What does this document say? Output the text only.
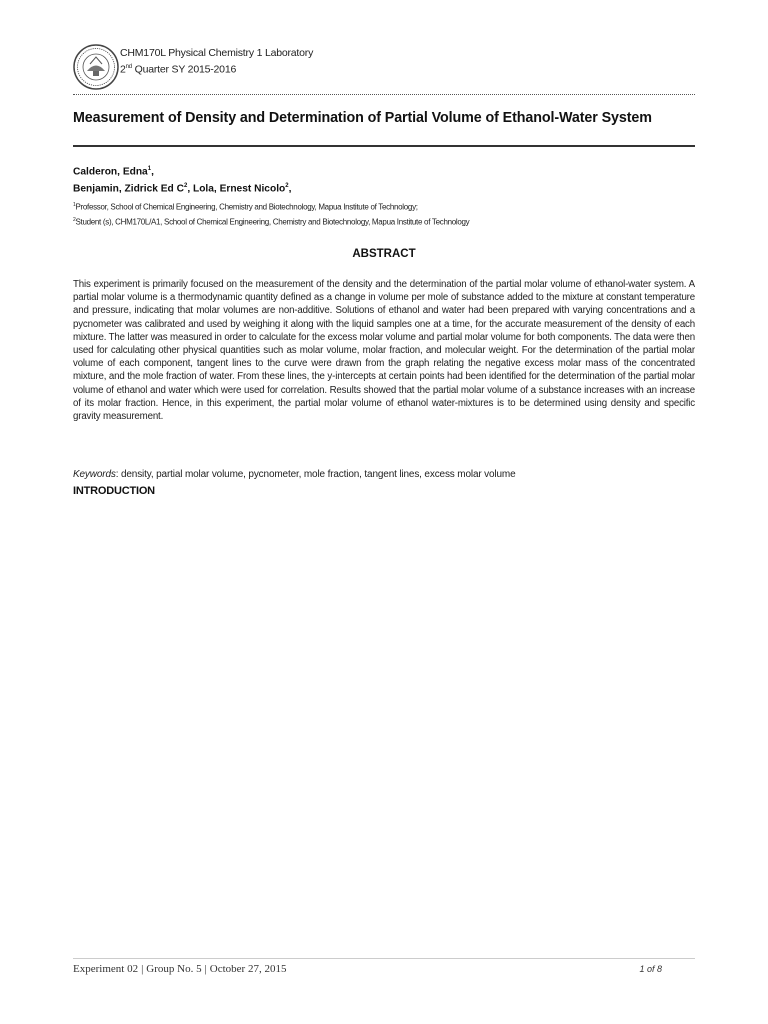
CHM170L Physical Chemistry 1 Laboratory
2nd Quarter SY 2015-2016
Measurement of Density and Determination of Partial Volume of Ethanol-Water System
Calderon, Edna$^1$,
Benjamin, Zidrick Ed $C^2$, Lola, Ernest Nicolo$^2$,
$^1$Professor, School of Chemical Engineering, Chemistry and Biotechnology, Mapua Institute of Technology;
$^2$Student (s), CHM170L/A1, School of Chemical Engineering, Chemistry and Biotechnology, Mapua Institute of Technology
ABSTRACT
This experiment is primarily focused on the measurement of the density and the determination of the partial molar volume of ethanol-water system. A partial molar volume is a thermodynamic quantity defined as a change in volume per mole of substance added to the mixture at constant temperature and pressure, indicating that molar volumes are non-additive. Solutions of ethanol and water had been prepared with varying concentrations and a pycnometer was calibrated and used by weighing it along with the liquid samples one at a time, for the accurate measurement of the density of each mixture. The latter was measured in order to calculate for the excess molar volume and partial molar volume for both components. The data were then used for calculating other physical quantities such as molar volume, molar fraction, and molecular weight. For the determination of the partial molar volume of each component, tangent lines to the curve were drawn from the graph relating the negative excess molar mass of the concentrated mixture, and the mole fraction of water. From these lines, the y-intercepts at certain points had been identified for the determination of the partial molar volume of ethanol and water which were used for correlation. Results showed that the partial molar volume of a substance increases with an increase of its molar fraction. Hence, in this experiment, the partial molar volume of ethanol water-mixtures is to be determined using density and specific gravity measurement.
Keywords: density, partial molar volume, pycnometer, mole fraction, tangent lines, excess molar volume
INTRODUCTION
Experiment 02 | Group No. 5 | October 27, 2015	1 of 8
